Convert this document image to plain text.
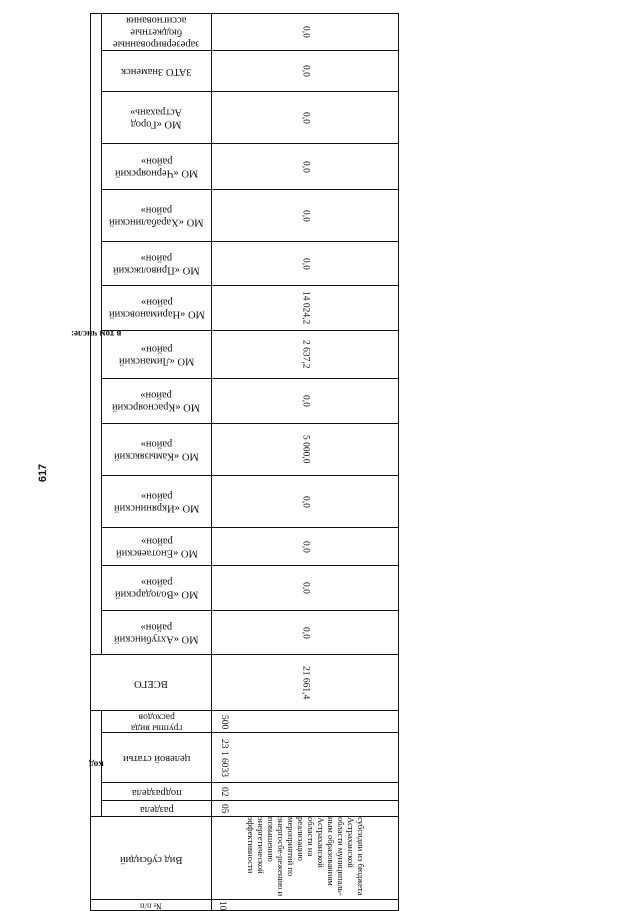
617
в том числе:	зарезервированные
бюджетные
ассигнования	0,0

	ЗАТО Знаменск	0,0

	МО «Город
Астрахань»	0,0

	МО «Черноярский
район»	0,0

	МО «Харабалинский
район»	0,0

	МО «Приволжский
район»	0,0

	МО «Наримановский
район»	14 024,2

	МО «Лиманский
район»	2 637,2

	МО «Красноярский
район»	0,0

	МО «Камызякский
район»	5 000,0

	МО «Икрянинский
район»	0,0

	МО «Енотаевский
район»	0,0

	МО «Володарский
район»	0,0

	МО «Ахтубинский
район»	0,0

ВСЕГО		21 661,4

код	группы вида
расходов	500

	целевой статьи	23 1 6033

	подраздела	02

	раздела	05

Вид субсидий		субсидии из бюджета Астраханской области муниципаль-ным образованиям Астраханской области на реализацию мероприятий по энергосбе-режению и повышению энергетической эффективности

№ п/п		10
